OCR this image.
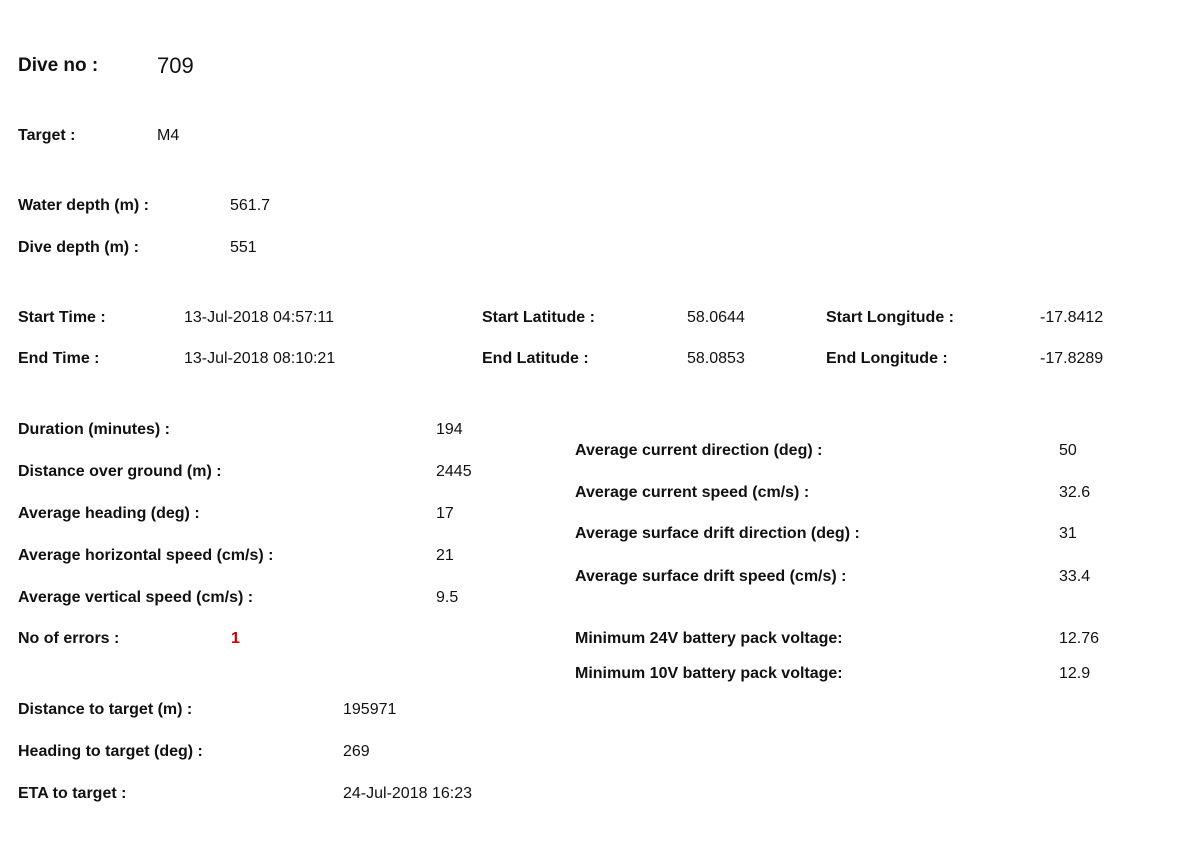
Dive no :	709
Target :	M4
Water depth (m) :	561.7
Dive depth (m) :	551
Start Time :	13-Jul-2018 04:57:11	Start Latitude :	58.0644	Start Longitude :	-17.8412
End Time :	13-Jul-2018 08:10:21	End Latitude :	58.0853	End Longitude :	-17.8289
Duration (minutes) :	194
Distance over ground (m) :	2445
Average heading (deg) :	17
Average horizontal speed (cm/s) :	21
Average vertical speed (cm/s) :	9.5
No of errors :	1
Average current direction (deg) :	50
Average current speed (cm/s) :	32.6
Average surface drift direction (deg) :	31
Average surface drift speed (cm/s) :	33.4
Minimum 24V battery pack voltage:	12.76
Minimum 10V battery pack voltage:	12.9
Distance to target (m) :	195971
Heading to target (deg) :	269
ETA to target :	24-Jul-2018 16:23
